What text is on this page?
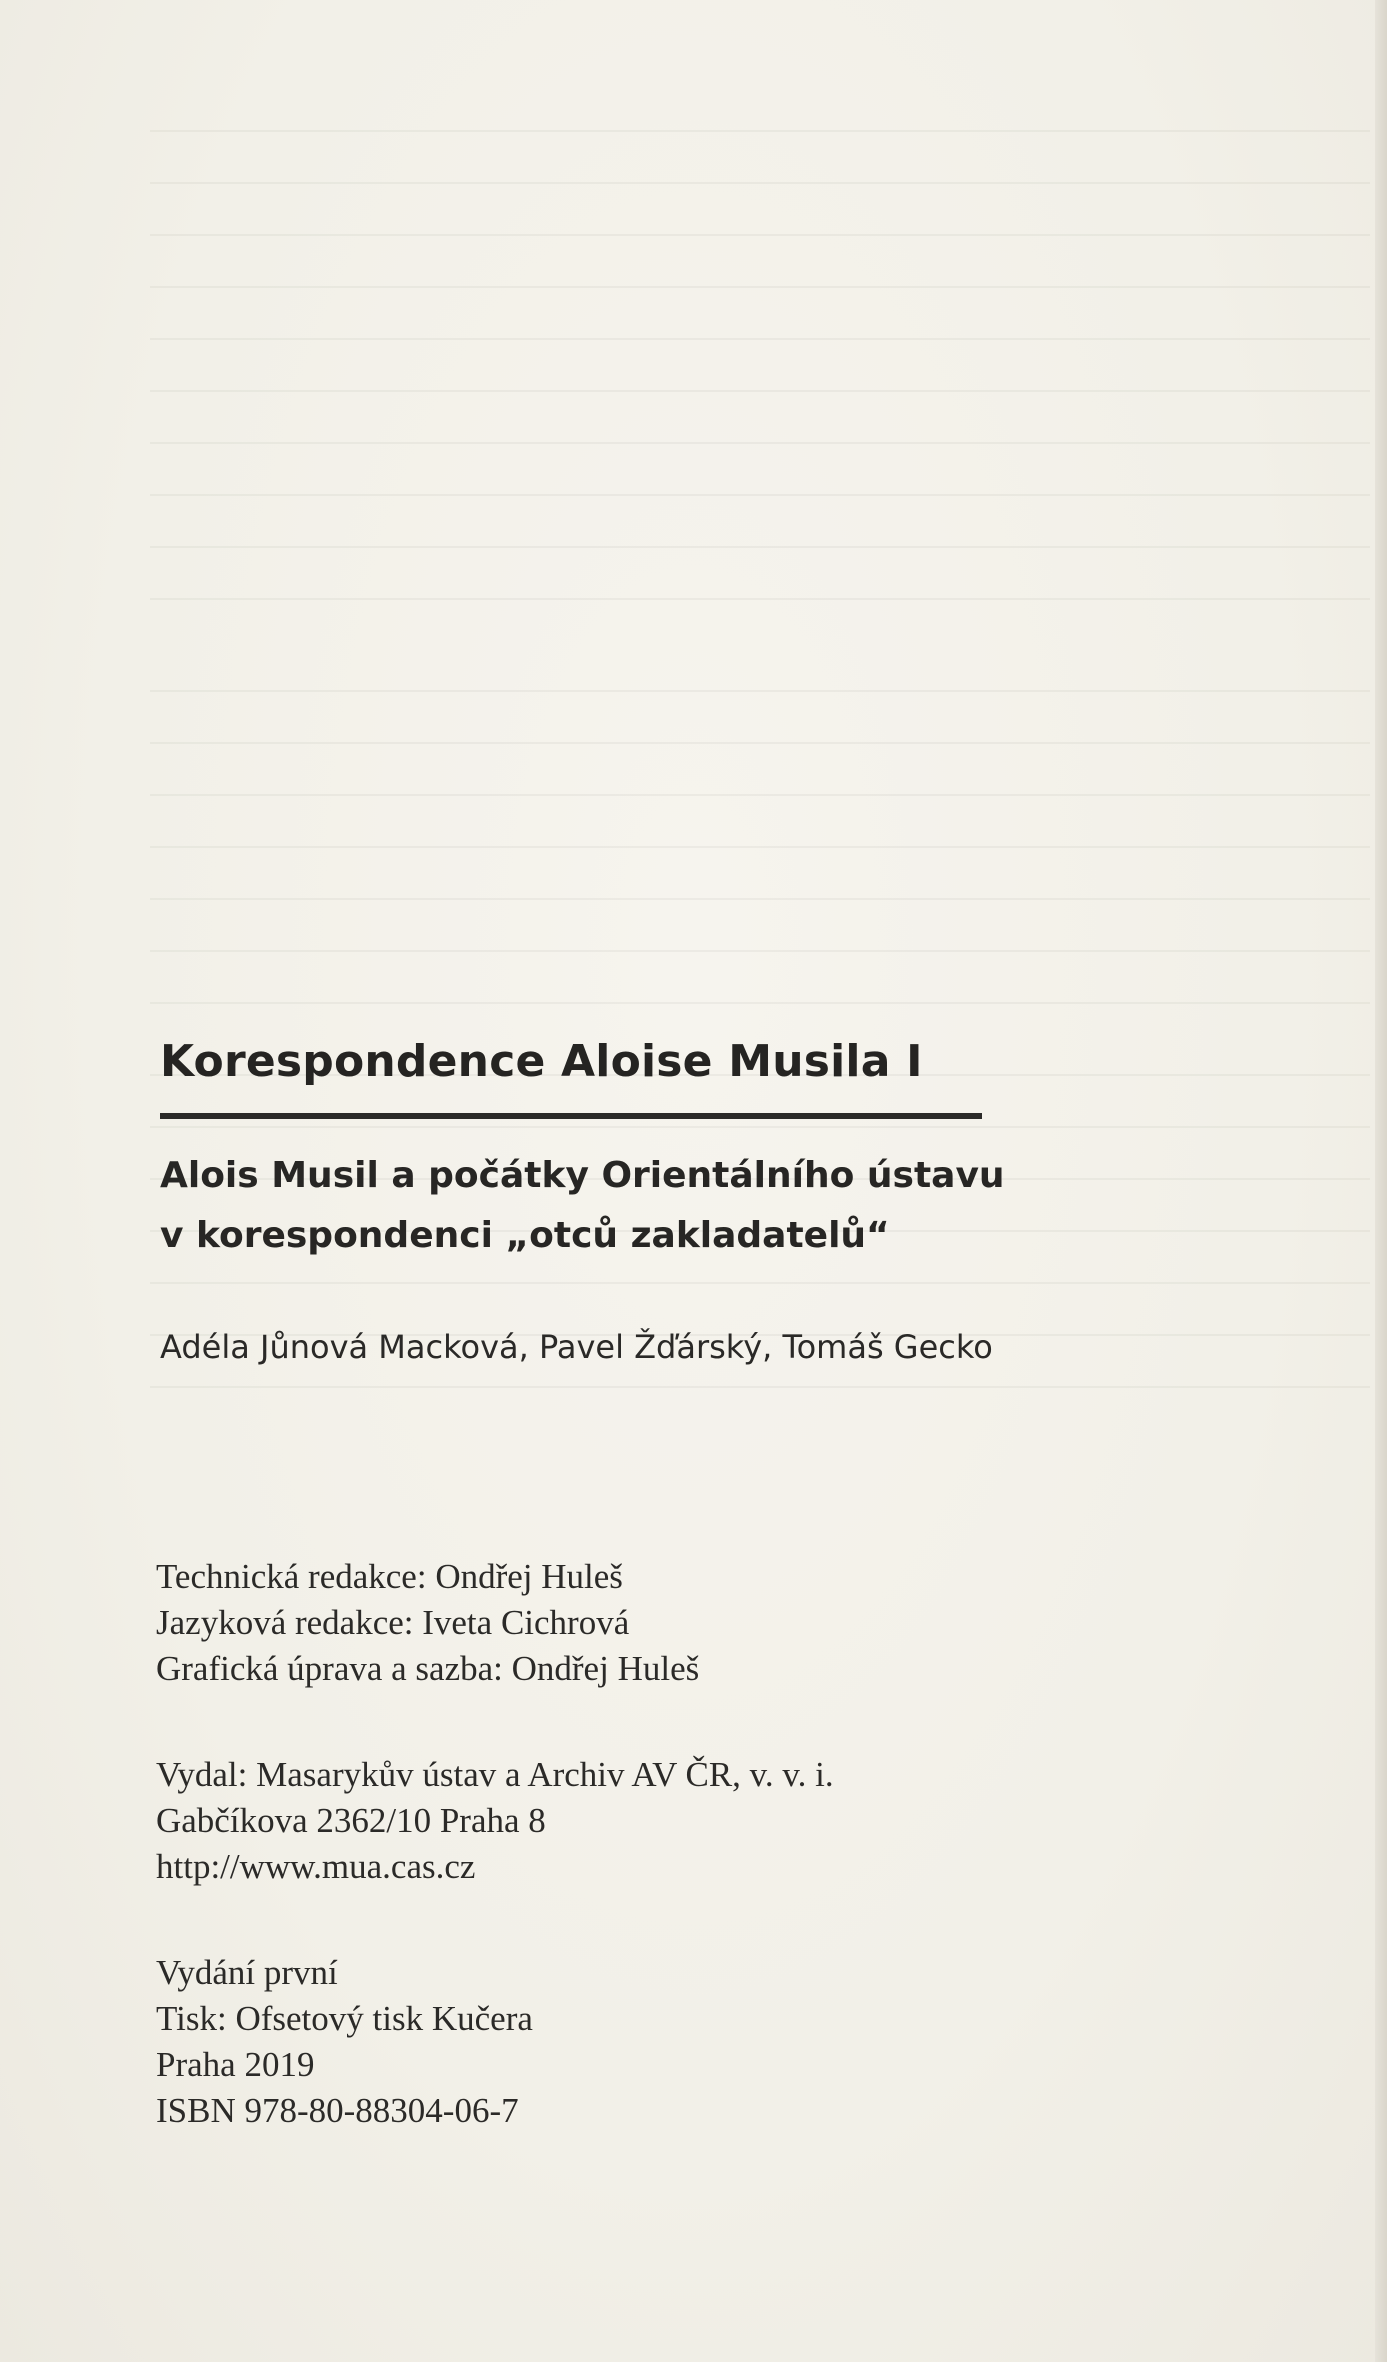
Korespondence Aloise Musila I
Alois Musil a počátky Orientálního ústavu
v korespondenci „otců zakladatelů“

Adéla Jůnová Macková, Pavel Žďárský, Tomáš Gecko

Technická redakce: Ondřej Huleš
Jazyková redakce: Iveta Cichrová
Grafická úprava a sazba: Ondřej Huleš
Vydal: Masarykův ústav a Archiv AV ČR, v. v. i.
Gabčíkova 2362/10 Praha 8
http://www.mua.cas.cz
Vydání první
Tisk: Ofsetový tisk Kučera
Praha 2019
ISBN 978-80-88304-06-7
